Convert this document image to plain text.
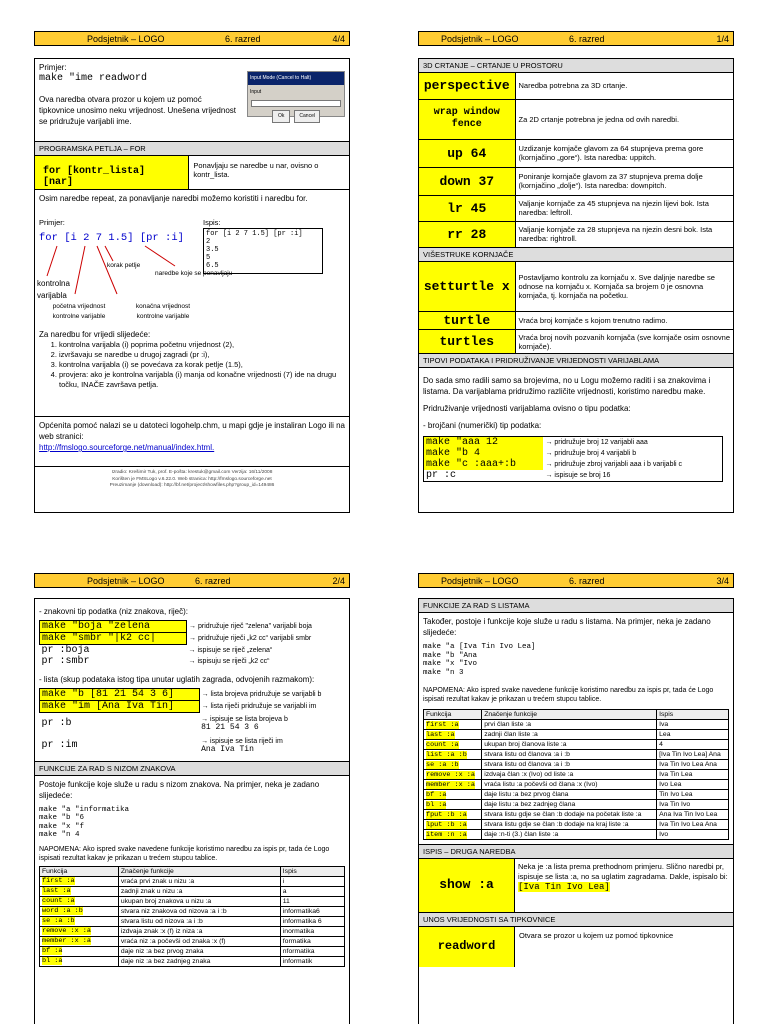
Podsjetnik – LOGO	6. razred	4/4
Primjer:
make "ime readword
Ova naredba otvara prozor u kojem uz pomoć tipkovnice unosimo neku vrijednost. Unešena vrijednost se pridružuje varijabli ime.
Input Mode (Cancel to Halt)
Input
Ok	Cancel
PROGRAMSKA PETLJA – FOR
for [kontr_lista] [nar]
Ponavljaju se naredbe u nar, ovisno o kontr_lista.
Osim naredbe repeat, za ponavljanje naredbi možemo koristiti i naredbu for.
Primjer:	Ispis:
for [i 2 7 1.5] [pr :i]	for [i 2 7 1.5] [pr :i]
2
3.5
5
6.5
kontrolna varijabla
korak petlje
naredbe koje se ponavljaju
početna vrijednost kontrolne varijable
konačna vrijednost kontrolne varijable
Za naredbu for vrijedi slijedeće:
1. kontrolna varijabla (i) poprima početnu vrijednost (2),
2. izvršavaju se naredbe u drugoj zagradi (pr :i),
3. kontrolna varijabla (i) se povećava za korak petlje (1.5),
4. provjera: ako je kontrolna varijabla (i) manja od konačne vrijednosti (7) ide na drugu točku, INAČE završava petlja.
Općenita pomoć nalazi se u datoteci logohelp.chm, u mapi gdje je instaliran Logo ili na web stranici:
http://fmslogo.sourceforge.net/manual/index.html.
Izradio: Krešimir Tuk, prof. E-pošta: krestuk@gmail.com Verzija: 16/11/2008
Korišten je FMSLogo v.6.22.0. Web stranica: http://fmslogo.sourceforge.net
Preuzimanje (download): http://bf.net/project/showfiles.php?group_id=149486
Podsjetnik – LOGO	6. razred	1/4
3D CRTANJE – CRTANJE U PROSTORU
perspective	Naredba potrebna za 3D crtanje.
wrap window fence	Za 2D crtanje potrebna je jedna od ovih naredbi.
up 64	Uzdizanje kornjače glavom za 64 stupnjeva prema gore (kornjačino „gore“). Ista naredba: uppitch.
down 37	Poniranje kornjače glavom za 37 stupnjeva prema dolje (kornjačino „dolje“). Ista naredba: downpitch.
lr 45	Valjanje kornjače za 45 stupnjeva na njezin lijevi bok. Ista naredba: leftroll.
rr 28	Valjanje kornjače za 28 stupnjeva na njezin desni bok. Ista naredba: rightroll.
VIŠESTRUKE KORNJAČE
setturtle x	Postavljamo kontrolu za kornjaču x. Sve daljnje naredbe se odnose na kornjaču x. Kornjača sa brojem 0 je osnovna kornjača, tj. kornjača na početku.
turtle	Vraća broj kornjače s kojom trenutno radimo.
turtles	Vraća broj novih pozvanih kornjača (sve kornjače osim osnovne kornjače).
TIPOVI PODATAKA I PRIDRUŽIVANJE VRIJEDNOSTI VARIJABLAMA
Do sada smo radili samo sa brojevima, no u Logu možemo raditi i sa znakovima i listama. Da varijablama pridružimo različite vrijednosti, koristimo naredbu make.
Pridruživanje vrijednosti varijablama ovisno o tipu podatka:
- brojčani (numerički) tip podatka:
make "aaa 12	→ pridružuje broj 12 varijabli aaa
make "b 4	→ pridružuje broj 4 varijabli b
make "c :aaa+:b	→ pridružuje zbroj varijabli aaa i b varijabli c
pr :c	→ ispisuje se broj 16
Podsjetnik – LOGO	6. razred	2/4
- znakovni tip podatka (niz znakova, riječ):
make "boja "zelena	→ pridružuje riječ "zelena" varijabli boja
make "smbr "|k2 cc|	→ pridružuje riječi „k2 cc“ varijabli smbr
pr :boja	→ ispisuje se riječ „zelena“
pr :smbr	→ ispisuju se riječi „k2 cc“
- lista (skup podataka istog tipa unutar uglatih zagrada, odvojenih razmakom):
make "b [81 21 54 3 6]	→ lista brojeva pridružuje se varijabli b
make "im [Ana Iva Tin]	→ lista riječi pridružuje se varijabli im
pr :b	→ ispisuje se lista brojeva b
81 21 54 3 6

pr :im	→ ispisuje se lista riječi im
Ana Iva Tin
FUNKCIJE ZA RAD S NIZOM ZNAKOVA
Postoje funkcije koje služe u radu s nizom znakova. Na primjer, neka je zadano slijedeće:
make "a "informatika
make "b "6
make "x "f
make "n 4
NAPOMENA: Ako ispred svake navedene funkcije koristimo naredbu za ispis pr, tada će Logo ispisati rezultat kakav je prikazan u trećem stupcu tablice.
Funkcija	Značenje funkcije	Ispis
first :a	vraća prvi znak u nizu :a	i
last :a	zadnji znak u nizu :a	a
count :a	ukupan broj znakova u nizu :a	11
word :a :b	stvara niz znakova od nizova :a i :b	informatika6
se :a :b	stvara listu od nizova :a i :b	informatika 6
remove :x :a	izdvaja znak :x (f) iz niza :a	inormatika
member :x :a	vraća niz :a počevši od znaka :x (f)	formatika
bf :a	daje niz :a bez prvog znaka	nformatika
bl :a	daje niz :a bez zadnjeg znaka	informatik
Podsjetnik – LOGO	6. razred	3/4
FUNKCIJE ZA RAD S LISTAMA
Također, postoje i funkcije koje služe u radu s listama. Na primjer, neka je zadano slijedeće:
make "a [Iva Tin Ivo Lea]
make "b "Ana
make "x "Ivo
make "n 3
NAPOMENA: Ako ispred svake navedene funkcije koristimo naredbu za ispis pr, tada će Logo ispisati rezultat kakav je prikazan u trećem stupcu tablice.
Funkcija	Značenje funkcije	Ispis
first :a	prvi član liste :a	Iva
last :a	zadnji član liste :a	Lea
count :a	ukupan broj članova liste :a	4
list :a :b	stvara listu od članova :a i :b	[Iva Tin Ivo Lea] Ana
se :a :b	stvara listu od članova :a i :b	Iva Tin Ivo Lea Ana
remove :x :a	izdvaja član :x (Ivo) od liste :a	Iva Tin Lea
member :x :a	vraća listu :a počevši od člana :x (Ivo)	Ivo Lea
bf :a	daje listu :a bez prvog člana	Tin Ivo Lea
bl :a	daje listu :a bez zadnjeg člana	Iva Tin Ivo
fput :b :a	stvara listu gdje se član :b dodaje na početak liste :a	Ana Iva Tin Ivo Lea
lput :b :a	stvara listu gdje se član :b dodaje na kraj liste :a	Iva Tin Ivo Lea Ana
item :n :a	daje :n-ti (3.) član liste :a	Ivo
ISPIS – DRUGA NAREDBA
show :a
Neka je :a lista prema prethodnom primjeru. Slično naredbi pr, ispisuje se lista :a, no sa uglatim zagradama. Dakle, ispisalo bi:
[Iva Tin Ivo Lea]
UNOS VRIJEDNOSTI SA TIPKOVNICE
readword
Otvara se prozor u kojem uz pomoć tipkovnice
